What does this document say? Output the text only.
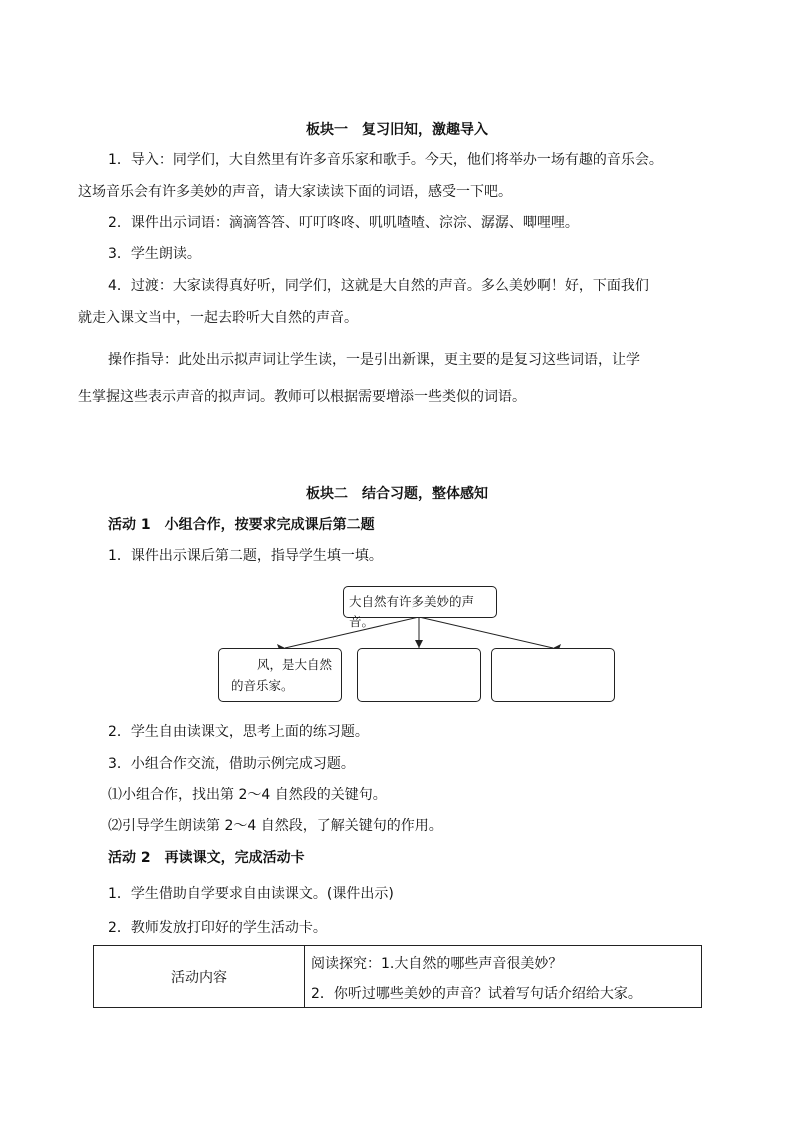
板块一　复习旧知，激趣导入
1．导入：同学们，大自然里有许多音乐家和歌手。今天，他们将举办一场有趣的音乐会。
这场音乐会有许多美妙的声音，请大家读读下面的词语，感受一下吧。
2．课件出示词语：滴滴答答、叮叮咚咚、叽叽喳喳、淙淙、潺潺、唧哩哩。
3．学生朗读。
4．过渡：大家读得真好听，同学们，这就是大自然的声音。多么美妙啊！好，下面我们
就走入课文当中，一起去聆听大自然的声音。
操作指导：此处出示拟声词让学生读，一是引出新课，更主要的是复习这些词语，让学
生掌握这些表示声音的拟声词。教师可以根据需要增添一些类似的词语。
板块二　结合习题，整体感知
活动 1　小组合作，按要求完成课后第二题
1．课件出示课后第二题，指导学生填一填。
大自然有许多美妙的声音。
风，是大自然
的音乐家。
2．学生自由读课文，思考上面的练习题。
3．小组合作交流，借助示例完成习题。
⑴小组合作，找出第 2～4 自然段的关键句。
⑵引导学生朗读第 2～4 自然段，了解关键句的作用。
活动 2　再读课文，完成活动卡
1．学生借助自学要求自由读课文。(课件出示)
2．教师发放打印好的学生活动卡。
活动内容
阅读探究：1.大自然的哪些声音很美妙？
2．你听过哪些美妙的声音？试着写句话介绍给大家。
